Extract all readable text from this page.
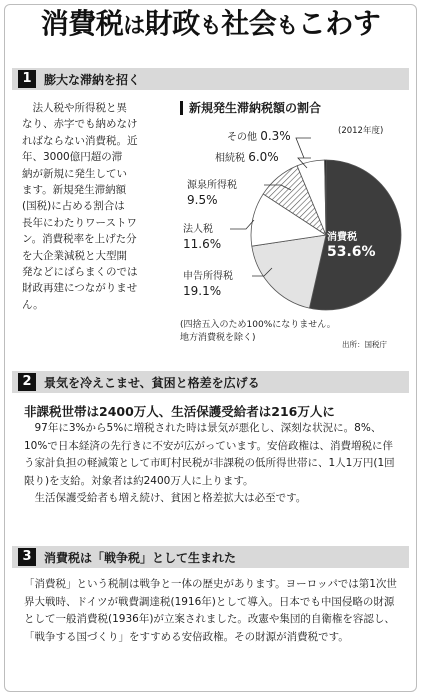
消費税は財政も社会もこわす
1	膨大な滞納を招く
　法人税や所得税と異
なり、赤字でも納めなけ
ればならない消費税。近
年、3000億円超の滞
納が新規に発生してい
ます。新規発生滞納額
(国税)に占める割合は
長年にわたりワーストワ
ン。消費税率を上げた分
を大企業減税と大型開
発などにばらまくのでは
財政再建につながりませ
ん。
新規発生滞納税額の割合
(2012年度)
その他 0.3%
相続税 6.0%
源泉所得税
9.5%
法人税
11.6%
申告所得税
19.1%
消費税
53.6%
(四捨五入のため100%になりません。
地方消費税を除く)
出所：国税庁
2	景気を冷えこませ、貧困と格差を広げる
非課税世帯は2400万人、生活保護受給者は216万人に
　97年に3%から5%に増税された時は景気が悪化し、深刻な状況に。8%、10%で日本経済の先行きに不安が広がっています。安倍政権は、消費増税に伴う家計負担の軽減策として市町村民税が非課税の低所得世帯に、1人1万円(1回限り)を支給。対象者は約2400万人に上ります。
　生活保護受給者も増え続け、貧困と格差拡大は必至です。
3	消費税は「戦争税」として生まれた
「消費税」という税制は戦争と一体の歴史があります。ヨーロッパでは第1次世界大戦時、ドイツが戦費調達税(1916年)として導入。日本でも中国侵略の財源として一般消費税(1936年)が立案されました。改憲や集団的自衛権を容認し、「戦争する国づくり」をすすめる安倍政権。その財源が消費税です。
